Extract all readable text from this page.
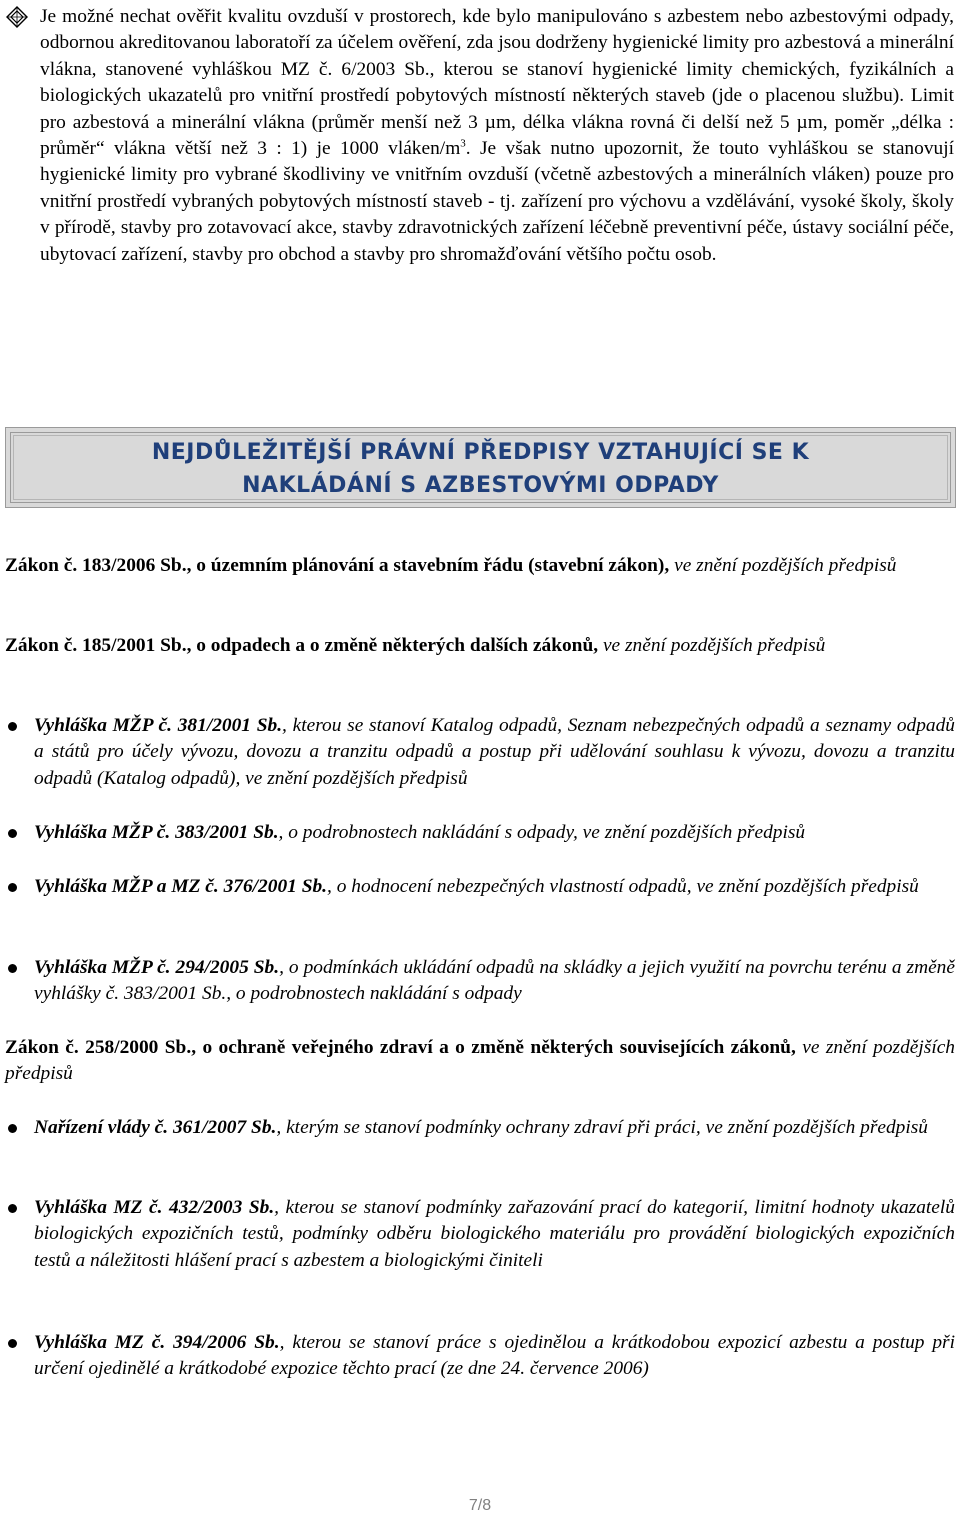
Je možné nechat ověřit kvalitu ovzduší v prostorech, kde bylo manipulováno s azbestem nebo azbestovými odpady, odbornou akreditovanou laboratoří za účelem ověření, zda jsou dodrženy hygienické limity pro azbestová a minerální vlákna, stanovené vyhláškou MZ č. 6/2003 Sb., kterou se stanoví hygienické limity chemických, fyzikálních a biologických ukazatelů pro vnitřní prostředí pobytových místností některých staveb (jde o placenou službu). Limit pro azbestová a minerální vlákna (průměr menší než 3 µm, délka vlákna rovná či delší než 5 µm, poměr „délka : průměr“ vlákna větší než 3 : 1) je 1000 vláken/$m^3$. Je však nutno upozornit, že touto vyhláškou se stanovují hygienické limity pro vybrané škodliviny ve vnitřním ovzduší (včetně azbestových a minerálních vláken) pouze pro vnitřní prostředí vybraných pobytových místností staveb - tj. zařízení pro výchovu a vzdělávání, vysoké školy, školy v přírodě, stavby pro zotavovací akce, stavby zdravotnických zařízení léčebně preventivní péče, ústavy sociální péče, ubytovací zařízení, stavby pro obchod a stavby pro shromažďování většího počtu osob.

NEJDŮLEŽITĚJŠÍ PRÁVNÍ PŘEDPISY VZTAHUJÍCÍ SE K
NAKLÁDÁNÍ S AZBESTOVÝMI ODPADY
Zákon č. 183/2006 Sb., o územním plánování a stavebním řádu (stavební zákon), ve znění pozdějších předpisů
Zákon č. 185/2001 Sb., o odpadech a o změně některých dalších zákonů, ve znění pozdějších předpisů
Vyhláška MŽP č. 381/2001 Sb., kterou se stanoví Katalog odpadů, Seznam nebezpečných odpadů a seznamy odpadů a států pro účely vývozu, dovozu a tranzitu odpadů a postup při udělování souhlasu k vývozu, dovozu a tranzitu odpadů (Katalog odpadů), ve znění pozdějších předpisů
Vyhláška MŽP č. 383/2001 Sb., o podrobnostech nakládání s odpady, ve znění pozdějších předpisů
Vyhláška MŽP a MZ č. 376/2001 Sb., o hodnocení nebezpečných vlastností odpadů, ve znění pozdějších předpisů
Vyhláška MŽP č. 294/2005 Sb., o podmínkách ukládání odpadů na skládky a jejich využití na povrchu terénu a změně vyhlášky č. 383/2001 Sb., o podrobnostech nakládání s odpady
Zákon č. 258/2000 Sb., o ochraně veřejného zdraví a o změně některých souvisejících zákonů, ve znění pozdějších předpisů
Nařízení vlády č. 361/2007 Sb., kterým se stanoví podmínky ochrany zdraví při práci, ve znění pozdějších předpisů
Vyhláška MZ č. 432/2003 Sb., kterou se stanoví podmínky zařazování prací do kategorií, limitní hodnoty ukazatelů biologických expozičních testů, podmínky odběru biologického materiálu pro provádění biologických expozičních testů a náležitosti hlášení prací s azbestem a biologickými činiteli
Vyhláška MZ č. 394/2006 Sb., kterou se stanoví práce s ojedinělou a krátkodobou expozicí azbestu a postup při určení ojedinělé a krátkodobé expozice těchto prací (ze dne 24. července 2006)
7/8
